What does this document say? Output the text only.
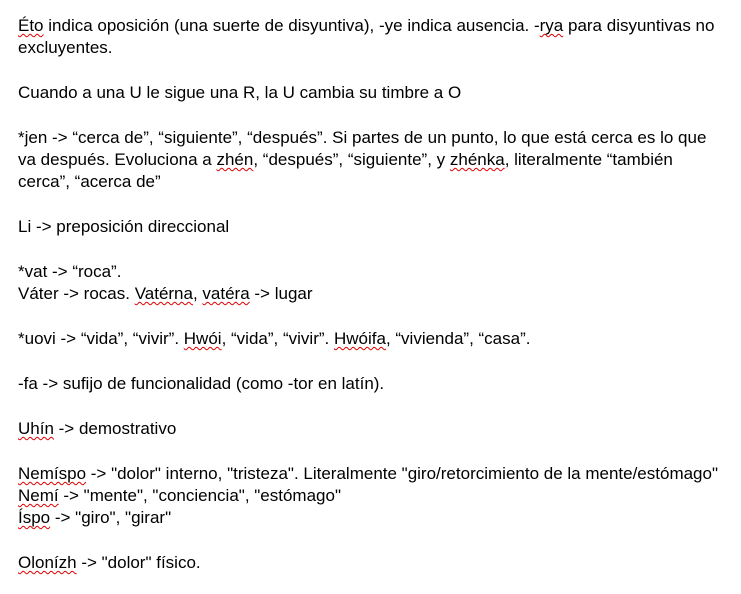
Éto indica oposición (una suerte de disyuntiva), -ye indica ausencia. -rya para disyuntivas no excluyentes.

Cuando a una U le sigue una R, la U cambia su timbre a O

*jen -> “cerca de”, “siguiente”, “después”. Si partes de un punto, lo que está cerca es lo que va después. Evoluciona a zhén, “después”, “siguiente”, y zhénka, literalmente “también cerca”, “acerca de”

Li -> preposición direccional

*vat -> “roca”.
Váter -> rocas. Vatérna, vatéra -> lugar

*uovi -> “vida”, “vivir”. Hwói, “vida”, “vivir”. Hwóifa, “vivienda”, “casa”.

-fa -> sufijo de funcionalidad (como -tor en latín).

Uhín -> demostrativo

Nemíspo -> "dolor" interno, "tristeza". Literalmente "giro/retorcimiento de la mente/estómago"
Nemí -> "mente", "conciencia", "estómago"
Íspo -> "giro", "girar"

Olonízh -> "dolor" físico.
